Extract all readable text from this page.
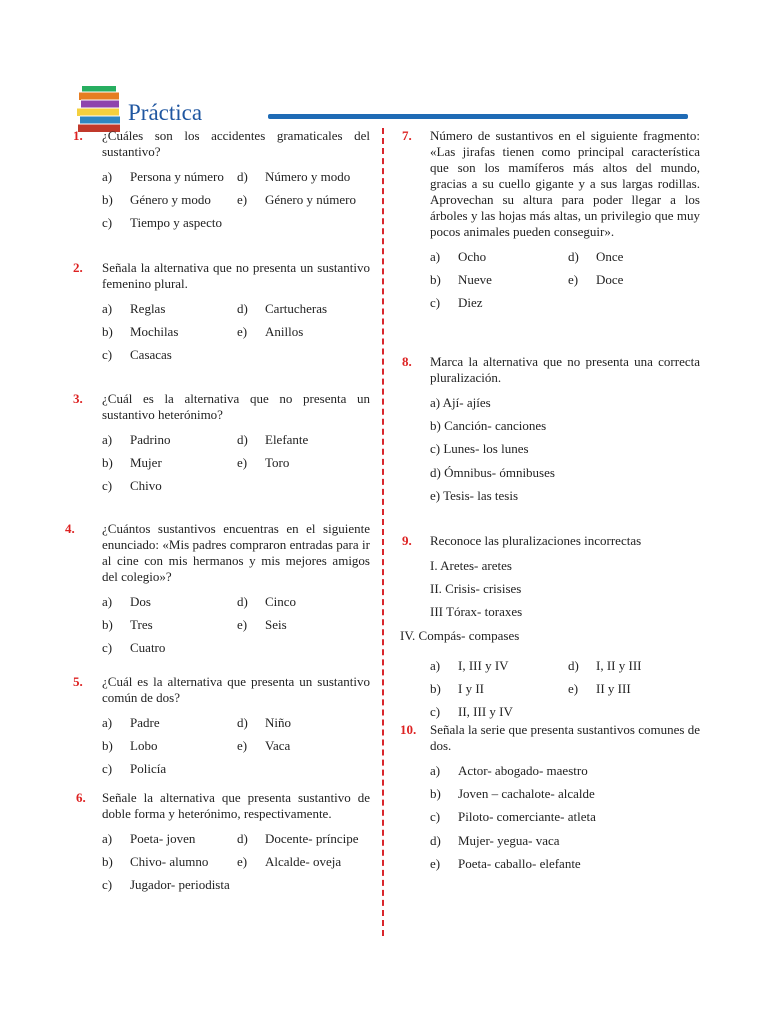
Práctica
1.	¿Cuáles son los accidentes gramaticales del sustantivo?
a) Persona y número d) Número y modo
b) Género y modo e) Género y número
c) Tiempo y aspecto
2.	Señala la alternativa que no presenta un sustantivo femenino plural.
a) Reglas	d) Cartucheras
b) Mochilas	e) Anillos
c) Casacas
3.	¿Cuál es la alternativa que no presenta un sustantivo heterónimo?
a) Padrino	d) Elefante
b) Mujer	e) Toro
c) Chivo
4.	¿Cuántos sustantivos encuentras en el siguiente enunciado: «Mis padres compraron entradas para ir al cine con mis hermanos y mis mejores amigos del colegio»?
a) Dos	d) Cinco
b) Tres	e) Seis
c) Cuatro
5.	¿Cuál es la alternativa que presenta un sustantivo común de dos?
a) Padre	d) Niño
b) Lobo	e) Vaca
c) Policía
6.	Señale la alternativa que presenta sustantivo de doble forma y heterónimo, respectivamente.
a) Poeta- joven	d) Docente- príncipe
b) Chivo- alumno e) Alcalde- oveja
c) Jugador- periodista
7.	Número de sustantivos en el siguiente fragmento: «Las jirafas tienen como principal característica que son los mamíferos más altos del mundo, gracias a su cuello gigante y a sus largas rodillas. Aprovechan su altura para poder llegar a los árboles y las hojas más altas, un privilegio que muy pocos animales pueden conseguir».
a) Ocho	d) Once
b) Nueve	e) Doce
c) Diez
8.	Marca la alternativa que no presenta una correcta pluralización.
a) Ají- ajíes
b) Canción- canciones
c) Lunes- los lunes
d) Ómnibus- ómnibuses
e) Tesis- las tesis
9.	Reconoce las pluralizaciones incorrectas
I. Aretes- aretes
II. Crisis- crisises
III Tórax- toraxes
IV. Compás- compases
a) I, III y IV	d) I, II y III
b) I y II	e) II y III
c) II, III y IV
10.	Señala la serie que presenta sustantivos comunes de dos.
a) Actor- abogado- maestro
b) Joven – cachalote- alcalde
c) Piloto- comerciante- atleta
d) Mujer- yegua- vaca
e) Poeta- caballo- elefante
